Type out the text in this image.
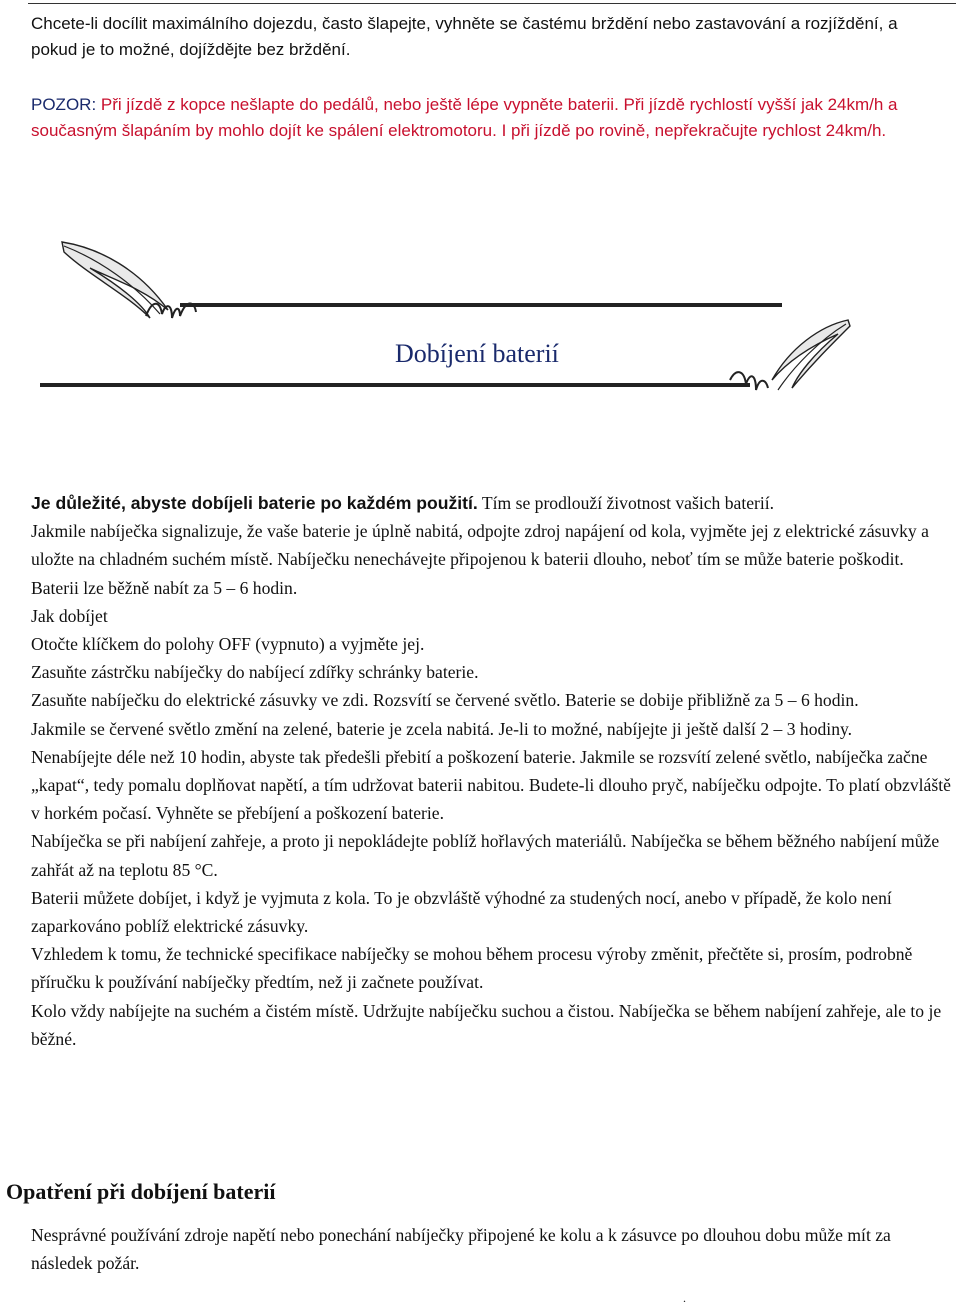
Chcete-li docílit maximálního dojezdu, často šlapejte, vyhněte se častému brždění nebo zastavování a rozjíždění, a pokud je to možné, dojíždějte bez brždění.

POZOR: Při jízdě z kopce nešlapte do pedálů, nebo ještě lépe vypněte baterii. Při jízdě rychlostí vyšší jak 24km/h a současným šlapáním by mohlo dojít ke spálení elektromotoru. I při jízdě po rovině, nepřekračujte rychlost 24km/h.

Dobíjení baterií

Je důležité, abyste dobíjeli baterie po každém použití. Tím se prodlouží životnost vašich baterií.

Jakmile nabíječka signalizuje, že vaše baterie je úplně nabitá, odpojte zdroj napájení od kola, vyjměte jej z elektrické zásuvky a uložte na chladném suchém místě. Nabíječku nenechávejte připojenou k baterii dlouho, neboť tím se může baterie poškodit. Baterii lze běžně nabít za 5 – 6 hodin.

Jak dobíjet

Otočte klíčkem do polohy OFF (vypnuto) a vyjměte jej.

Zasuňte zástrčku nabíječky do nabíjecí zdířky schránky baterie.

Zasuňte nabíječku do elektrické zásuvky ve zdi. Rozsvítí se červené světlo. Baterie se dobije přibližně za 5 – 6 hodin.

Jakmile se červené světlo změní na zelené, baterie je zcela nabitá. Je-li to možné, nabíjejte ji ještě další 2 – 3 hodiny.

Nenabíjejte déle než 10 hodin, abyste tak předešli přebití a poškození baterie. Jakmile se rozsvítí zelené světlo, nabíječka začne „kapat“, tedy pomalu doplňovat napětí, a tím udržovat baterii nabitou. Budete-li dlouho pryč, nabíječku odpojte. To platí obzvláště v horkém počasí. Vyhněte se přebíjení a poškození baterie.

Nabíječka se při nabíjení zahřeje, a proto ji nepokládejte poblíž hořlavých materiálů. Nabíječka se během běžného nabíjení může zahřát až na teplotu 85 °C.

Baterii můžete dobíjet, i když je vyjmuta z kola. To je obzvláště výhodné za studených nocí, anebo v případě, že kolo není zaparkováno poblíž elektrické zásuvky.

Vzhledem k tomu, že technické specifikace nabíječky se mohou během procesu výroby změnit, přečtěte si, prosím, podrobně příručku k používání nabíječky předtím, než ji začnete používat.

Kolo vždy nabíjejte na suchém a čistém místě. Udržujte nabíječku suchou a čistou. Nabíječka se během nabíjení zahřeje, ale to je běžné.

Opatření při dobíjení baterií

Nesprávné používání zdroje napětí nebo ponechání nabíječky připojené ke kolu a k zásuvce po dlouhou dobu může mít za následek požár.

.
